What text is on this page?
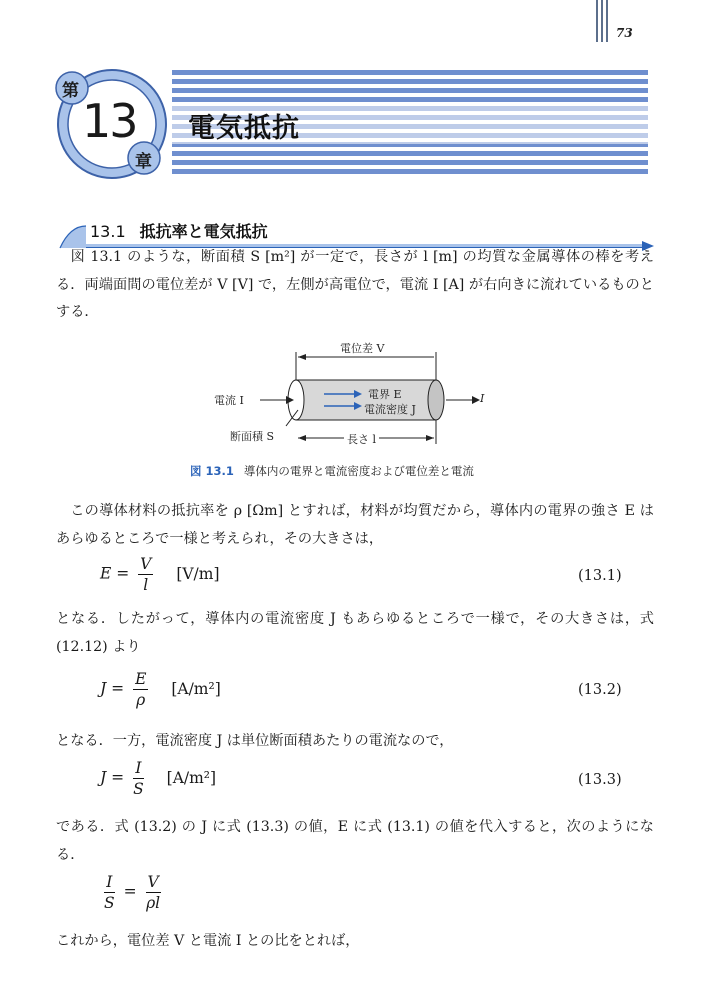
73
第
13
章
電気抵抗
13.1 抵抗率と電気抵抗
図 13.1 のような，断面積 S [m²] が一定で，長さが l [m] の均質な金属導体の棒を考える．両端面間の電位差が V [V] で，左側が高電位で，電流 I [A] が右向きに流れているものとする．
電位差 V
電流 I	I
電界 E
電流密度 J
断面積 S	長さ l
図 13.1 導体内の電界と電流密度および電位差と電流
この導体材料の抵抗率を ρ [Ωm] とすれば，材料が均質だから，導体内の電界の強さ E はあらゆるところで一様と考えられ，その大きさは，
$E = \frac{V}{l} [V/m]$	(13.1)
となる．したがって，導体内の電流密度 J もあらゆるところで一様で，その大きさは，式 (12.12) より
$J = \frac{E}{\rho} [A/m^2]$	(13.2)
となる．一方，電流密度 J は単位断面積あたりの電流なので，
$J = \frac{I}{S} [A/m^2]$	(13.3)
である．式 (13.2) の J に式 (13.3) の値，E に式 (13.1) の値を代入すると，次のようになる．
$\frac{I}{S} = \frac{V}{\rho l}$
これから，電位差 V と電流 I との比をとれば，
